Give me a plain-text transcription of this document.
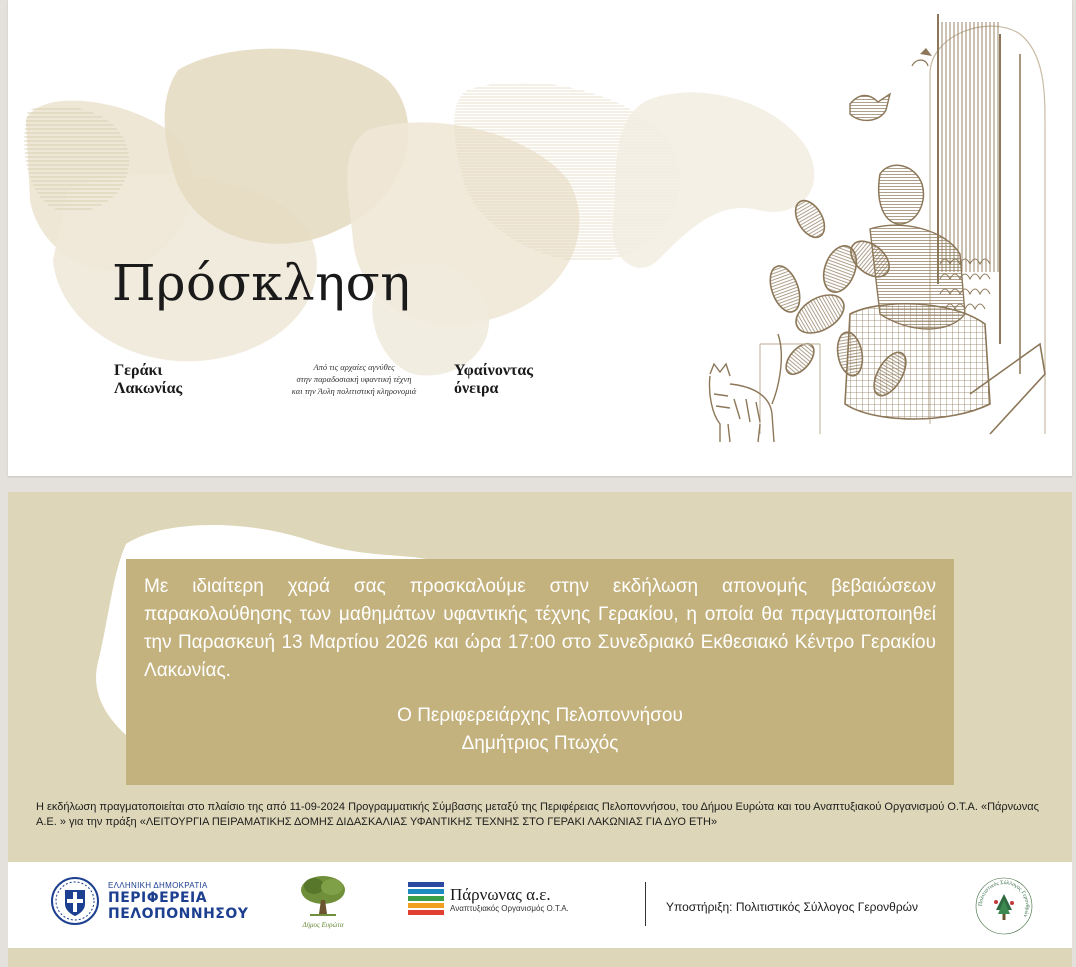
Πρόσκληση
Γεράκι
Λακωνίας
Από τις αρχαίες αγνύθες
στην παραδοσιακή υφαντική τέχνη
και την Άυλη πολιτιστική κληρονομιά
Υφαίνοντας
όνειρα

Με ιδιαίτερη χαρά σας προσκαλούμε στην εκδήλωση απονομής βεβαιώσεων παρακολούθησης των μαθημάτων υφαντικής τέχνης Γερακίου, η οποία θα πραγματοποιηθεί την Παρασκευή 13 Μαρτίου 2026 και ώρα 17:00 στο Συνεδριακό Εκθεσιακό Κέντρο Γερακίου Λακωνίας.

Ο Περιφερειάρχης Πελοποννήσου
Δημήτριος Πτωχός
Η εκδήλωση πραγματοποιείται στο πλαίσιο της από 11-09-2024 Προγραμματικής Σύμβασης μεταξύ της Περιφέρειας Πελοποννήσου, του Δήμου Ευρώτα και του Αναπτυξιακού Οργανισμού Ο.Τ.Α. «Πάρνωνας Α.Ε. » για την πράξη «ΛΕΙΤΟΥΡΓΙΑ ΠΕΙΡΑΜΑΤΙΚΗΣ ΔΟΜΗΣ ΔΙΔΑΣΚΑΛΙΑΣ ΥΦΑΝΤΙΚΗΣ ΤΕΧΝΗΣ ΣΤΟ ΓΕΡΑΚΙ ΛΑΚΩΝΙΑΣ ΓΙΑ ΔΥΟ ΕΤΗ»
ΕΛΛΗΝΙΚΗ ΔΗΜΟΚΡΑΤΙΑ
ΠΕΡΙΦΕΡΕΙΑ
ΠΕΛΟΠΟΝΝΗΣΟΥ
Δήμος Ευρώτα
Πάρνωνας α.ε.
Αναπτυξιακός Οργανισμός Ο.Τ.Α.	Υποστήριξη: Πολιτιστικός Σύλλογος Γερονθρών	Πολιτιστικός Σύλλογος Γερονθρών
